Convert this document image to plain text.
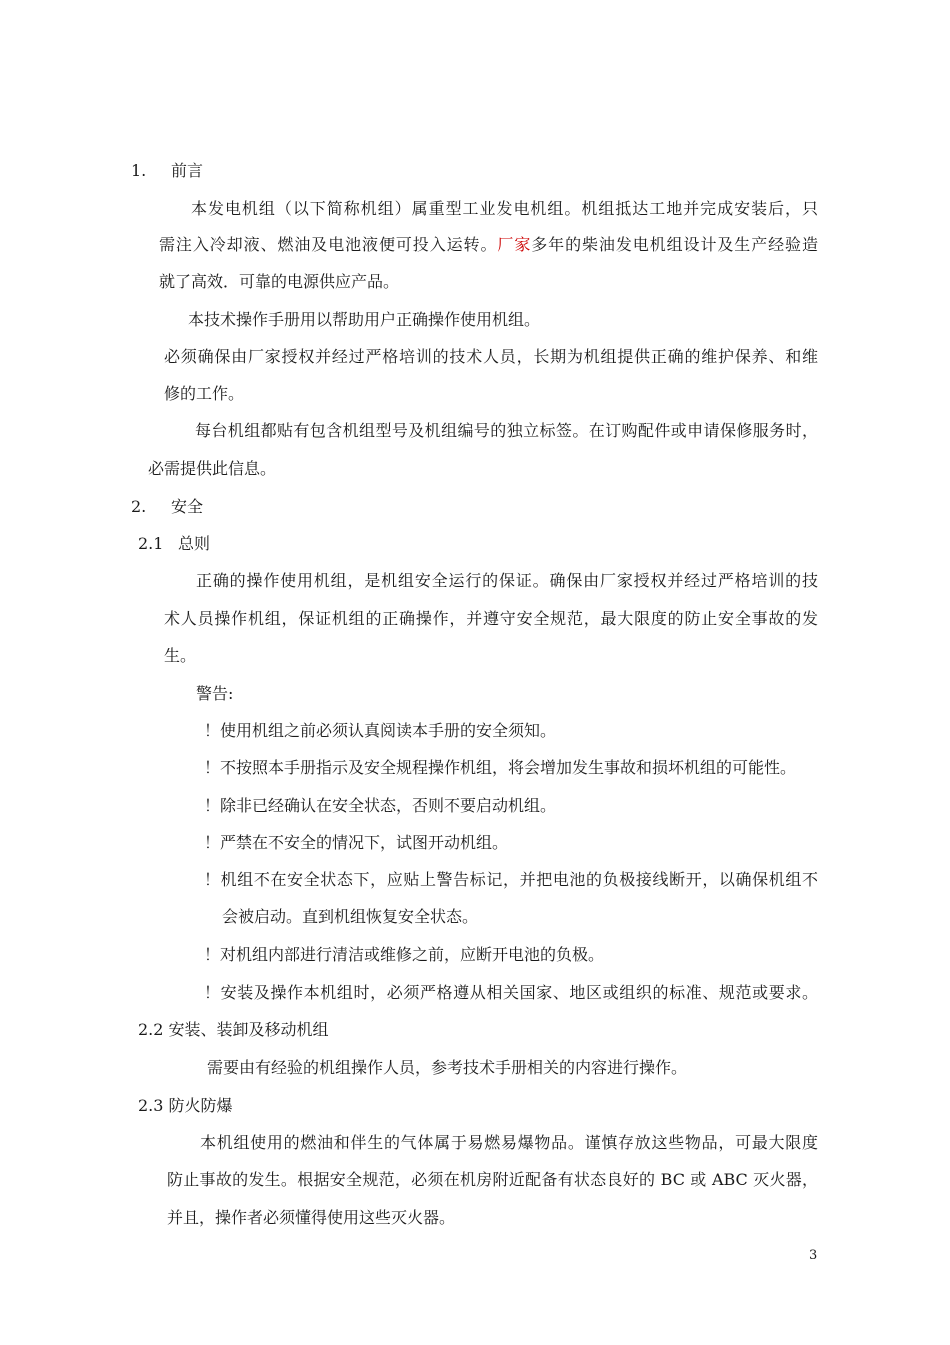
1. 前言
本发电机组（以下简称机组）属重型工业发电机组。机组抵达工地并完成安装后，只
需注入冷却液、燃油及电池液便可投入运转。厂家多年的柴油发电机组设计及生产经验造
就了高效．可靠的电源供应产品。
本技术操作手册用以帮助用户正确操作使用机组。
必须确保由厂家授权并经过严格培训的技术人员，长期为机组提供正确的维护保养、和维
修的工作。
每台机组都贴有包含机组型号及机组编号的独立标签。在订购配件或申请保修服务时，
必需提供此信息。
2. 安全
2.1 总则
正确的操作使用机组，是机组安全运行的保证。确保由厂家授权并经过严格培训的技
术人员操作机组，保证机组的正确操作，并遵守安全规范，最大限度的防止安全事故的发
生。
警告:
！使用机组之前必须认真阅读本手册的安全须知。
！不按照本手册指示及安全规程操作机组，将会增加发生事故和损坏机组的可能性。
！除非已经确认在安全状态，否则不要启动机组。
！严禁在不安全的情况下，试图开动机组。
！机组不在安全状态下，应贴上警告标记，并把电池的负极接线断开，以确保机组不
会被启动。直到机组恢复安全状态。
！对机组内部进行清洁或维修之前，应断开电池的负极。
！安装及操作本机组时，必须严格遵从相关国家、地区或组织的标准、规范或要求。
2.2 安装、装卸及移动机组
需要由有经验的机组操作人员，参考技术手册相关的内容进行操作。
2.3 防火防爆
本机组使用的燃油和伴生的气体属于易燃易爆物品。谨慎存放这些物品，可最大限度
防止事故的发生。根据安全规范，必须在机房附近配备有状态良好的 BC 或 ABC 灭火器，
并且，操作者必须懂得使用这些灭火器。
3
